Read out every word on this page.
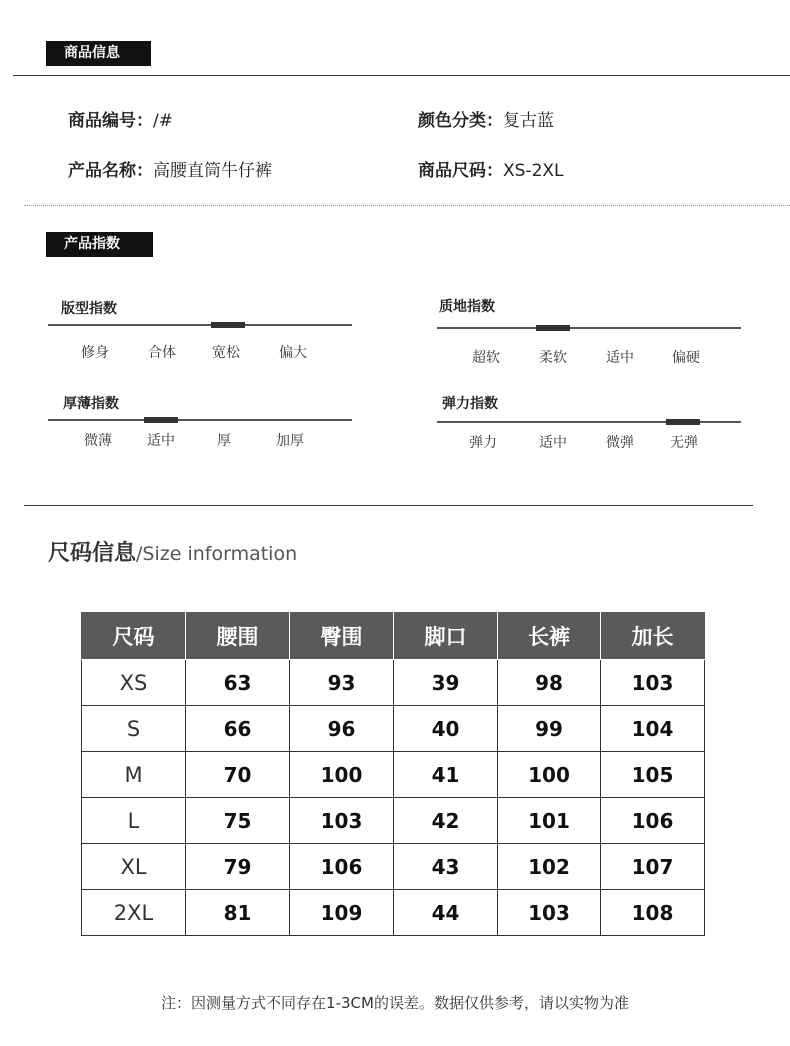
商品信息
商品编号：/#	颜色分类：复古蓝
产品名称：高腰直筒牛仔裤	商品尺码：XS-2XL
产品指数
版型指数
修身	合体	宽松	偏大
质地指数
超软	柔软	适中	偏硬
厚薄指数
微薄	适中	厚	加厚
弹力指数
弹力	适中	微弹	无弹
尺码信息/Size information
尺码	腰围	臀围	脚口	长裤	加长
XS	63	93	39	98	103
S	66	96	40	99	104
M	70	100	41	100	105
L	75	103	42	101	106
XL	79	106	43	102	107
2XL	81	109	44	103	108
注：因测量方式不同存在1-3CM的误差。数据仅供参考，请以实物为准
